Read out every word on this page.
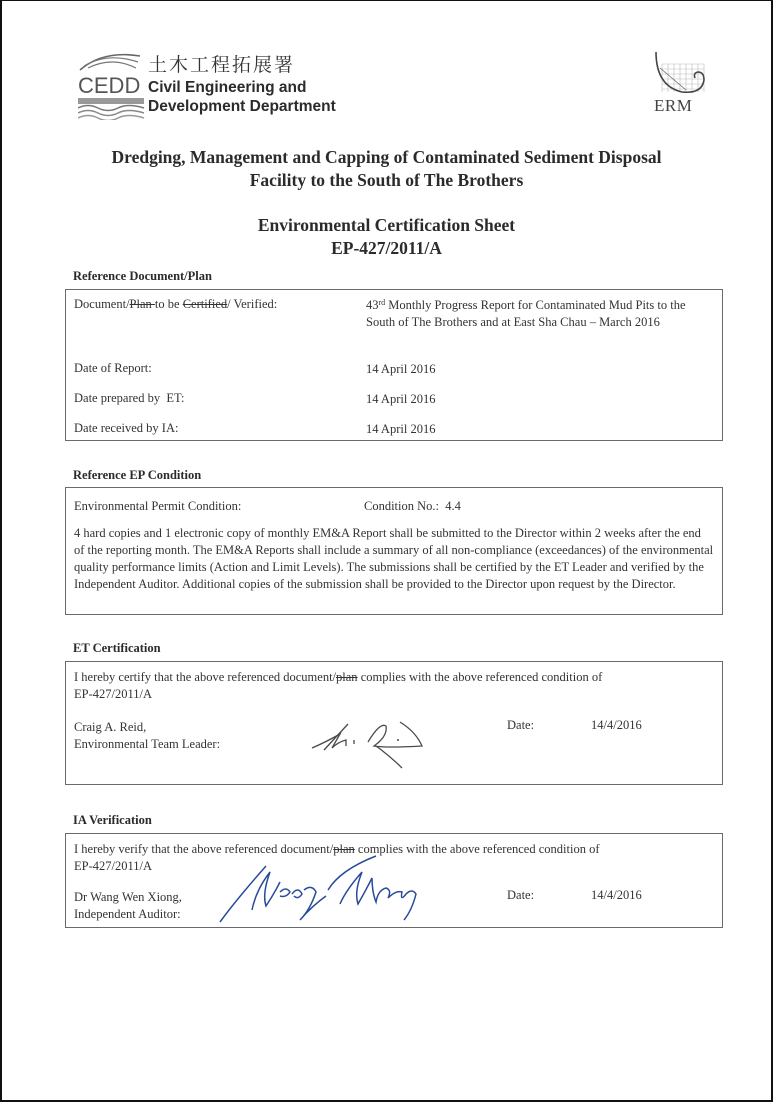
CEDD
土木工程拓展署
Civil Engineering and
Development Department	ERM
Dredging, Management and Capping of Contaminated Sediment Disposal
Facility to the South of The Brothers
Environmental Certification Sheet
EP-427/2011/A
Reference Document/Plan
Document/Plan to be Certified/ Verified:	43rd Monthly Progress Report for Contaminated Mud Pits to the South of The Brothers and at East Sha Chau – March 2016
Date of Report:	14 April 2016
Date prepared by  ET:	14 April 2016
Date received by IA:	14 April 2016
Reference EP Condition
Environmental Permit Condition:	Condition No.:  4.4
4 hard copies and 1 electronic copy of monthly EM&A Report shall be submitted to the Director within 2 weeks after the end of the reporting month. The EM&A Reports shall include a summary of all non-compliance (exceedances) of the environmental quality performance limits (Action and Limit Levels). The submissions shall be certified by the ET Leader and verified by the Independent Auditor. Additional copies of the submission shall be provided to the Director upon request by the Director.
ET Certification
I hereby certify that the above referenced document/plan complies with the above referenced condition of
EP-427/2011/A
Craig A. Reid,
Environmental Team Leader:
Date:	14/4/2016
IA Verification
I hereby verify that the above referenced document/plan complies with the above referenced condition of
EP-427/2011/A
Dr Wang Wen Xiong,
Independent Auditor:
Date:	14/4/2016
